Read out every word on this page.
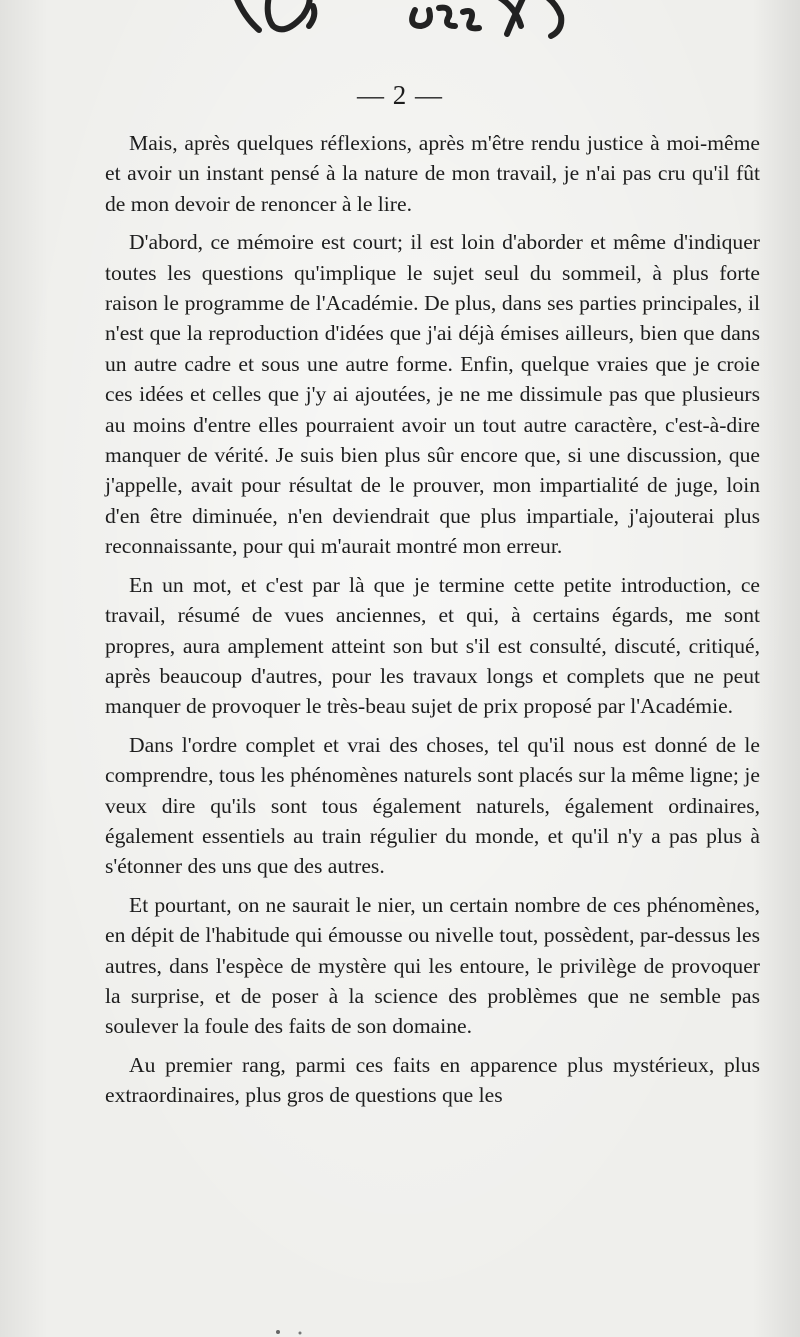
— 2 —

Mais, après quelques réflexions, après m'être rendu justice à moi-même et avoir un instant pensé à la nature de mon travail, je n'ai pas cru qu'il fût de mon devoir de renoncer à le lire.

D'abord, ce mémoire est court; il est loin d'aborder et même d'indiquer toutes les questions qu'implique le sujet seul du sommeil, à plus forte raison le programme de l'Académie. De plus, dans ses parties principales, il n'est que la reproduction d'idées que j'ai déjà émises ailleurs, bien que dans un autre cadre et sous une autre forme. Enfin, quelque vraies que je croie ces idées et celles que j'y ai ajoutées, je ne me dissimule pas que plusieurs au moins d'entre elles pourraient avoir un tout autre caractère, c'est-à-dire manquer de vérité. Je suis bien plus sûr encore que, si une discussion, que j'appelle, avait pour résultat de le prouver, mon impartialité de juge, loin d'en être diminuée, n'en deviendrait que plus impartiale, j'ajouterai plus reconnaissante, pour qui m'aurait montré mon erreur.

En un mot, et c'est par là que je termine cette petite introduction, ce travail, résumé de vues anciennes, et qui, à certains égards, me sont propres, aura amplement atteint son but s'il est consulté, discuté, critiqué, après beaucoup d'autres, pour les travaux longs et complets que ne peut manquer de provoquer le très-beau sujet de prix proposé par l'Académie.

Dans l'ordre complet et vrai des choses, tel qu'il nous est donné de le comprendre, tous les phénomènes naturels sont placés sur la même ligne; je veux dire qu'ils sont tous également naturels, également ordinaires, également essentiels au train régulier du monde, et qu'il n'y a pas plus à s'étonner des uns que des autres.

Et pourtant, on ne saurait le nier, un certain nombre de ces phénomènes, en dépit de l'habitude qui émousse ou nivelle tout, possèdent, par-dessus les autres, dans l'espèce de mystère qui les entoure, le privilège de provoquer la surprise, et de poser à la science des problèmes que ne semble pas soulever la foule des faits de son domaine.

Au premier rang, parmi ces faits en apparence plus mystérieux, plus extraordinaires, plus gros de questions que les
